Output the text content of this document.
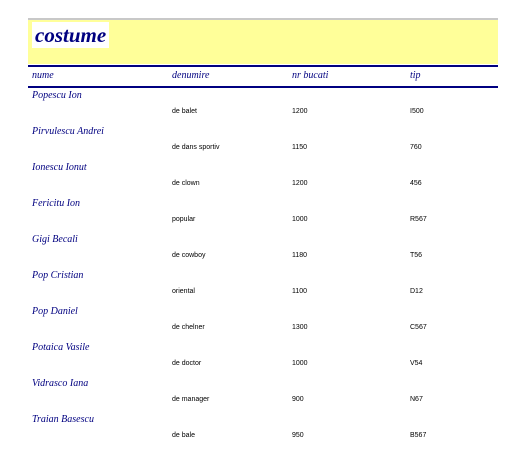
costume
nume	denumire	nr bucati	tip
Popescu Ion
de balet	1200	I500
Pirvulescu Andrei
de dans sportiv	1150	760
Ionescu Ionut
de clown	1200	456
Fericitu Ion
popular	1000	R567
Gigi Becali
de cowboy	1180	T56
Pop Cristian
oriental	1100	D12
Pop Daniel
de chelner	1300	C567
Potaica Vasile
de doctor	1000	V54
Vidrasco Iana
de manager	900	N67
Traian Basescu
de bale	950	B567
